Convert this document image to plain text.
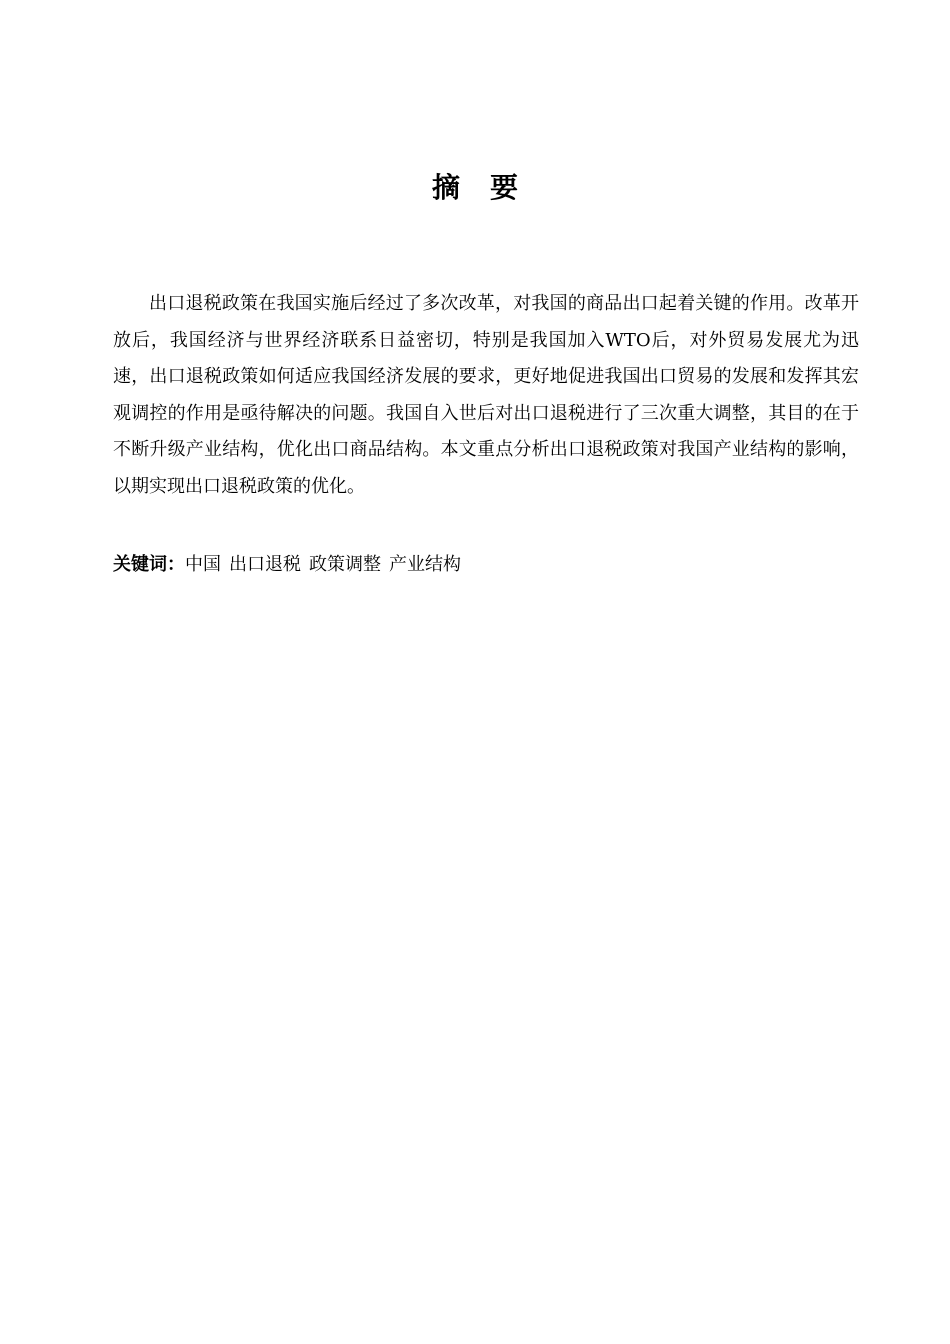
摘 要

出口退税政策在我国实施后经过了多次改革，对我国的商品出口起着关键的作用。改革开放后，我国经济与世界经济联系日益密切，特别是我国加入WTO后，对外贸易发展尤为迅速，出口退税政策如何适应我国经济发展的要求，更好地促进我国出口贸易的发展和发挥其宏观调控的作用是亟待解决的问题。我国自入世后对出口退税进行了三次重大调整，其目的在于不断升级产业结构，优化出口商品结构。本文重点分析出口退税政策对我国产业结构的影响，以期实现出口退税政策的优化。

关键词：中国 出口退税 政策调整 产业结构
